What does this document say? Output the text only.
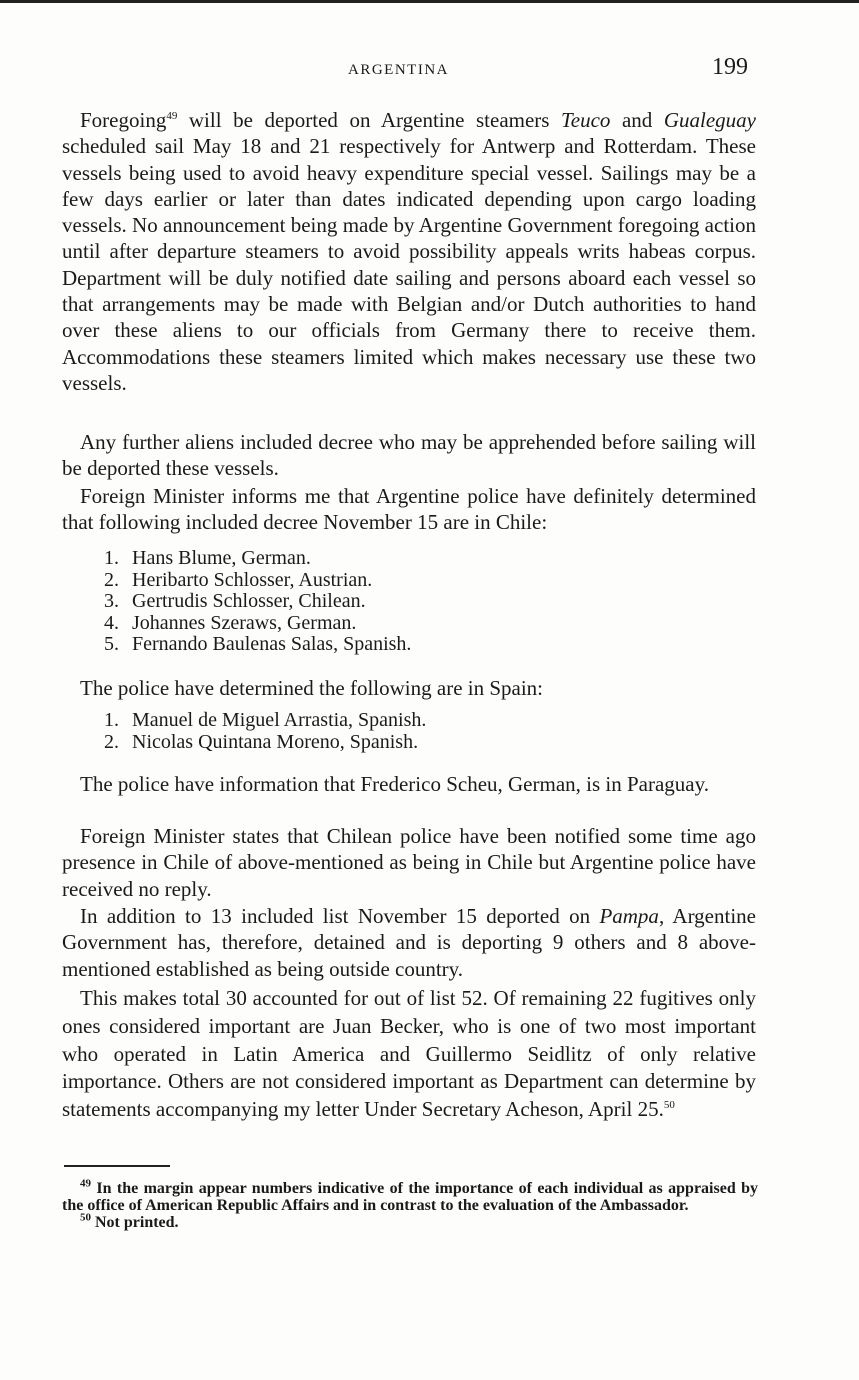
ARGENTINA	199

Foregoing$^{49}$ will be deported on Argentine steamers Teuco and Gualeguay scheduled sail May 18 and 21 respectively for Antwerp and Rotterdam. These vessels being used to avoid heavy expenditure special vessel. Sailings may be a few days earlier or later than dates indicated depending upon cargo loading vessels. No announcement being made by Argentine Government foregoing action until after departure steamers to avoid possibility appeals writs habeas corpus. Department will be duly notified date sailing and persons aboard each vessel so that arrangements may be made with Belgian and/or Dutch authorities to hand over these aliens to our officials from Germany there to receive them. Accommodations these steamers limited which makes necessary use these two vessels.

Any further aliens included decree who may be apprehended before sailing will be deported these vessels.

Foreign Minister informs me that Argentine police have definitely determined that following included decree November 15 are in Chile:

1. Hans Blume, German.
2. Heribarto Schlosser, Austrian.
3. Gertrudis Schlosser, Chilean.
4. Johannes Szeraws, German.
5. Fernando Baulenas Salas, Spanish.

The police have determined the following are in Spain:

1. Manuel de Miguel Arrastia, Spanish.
2. Nicolas Quintana Moreno, Spanish.

The police have information that Frederico Scheu, German, is in Paraguay.

Foreign Minister states that Chilean police have been notified some time ago presence in Chile of above-mentioned as being in Chile but Argentine police have received no reply.

In addition to 13 included list November 15 deported on Pampa, Argentine Government has, therefore, detained and is deporting 9 others and 8 above-mentioned established as being outside country.

This makes total 30 accounted for out of list 52. Of remaining 22 fugitives only ones considered important are Juan Becker, who is one of two most important who operated in Latin America and Guillermo Seidlitz of only relative importance. Others are not considered important as Department can determine by statements accompanying my letter Under Secretary Acheson, April 25.50

$^{49}$ In the margin appear numbers indicative of the importance of each individual as appraised by the office of American Republic Affairs and in contrast to the evaluation of the Ambassador.

$^{50}$ Not printed.
